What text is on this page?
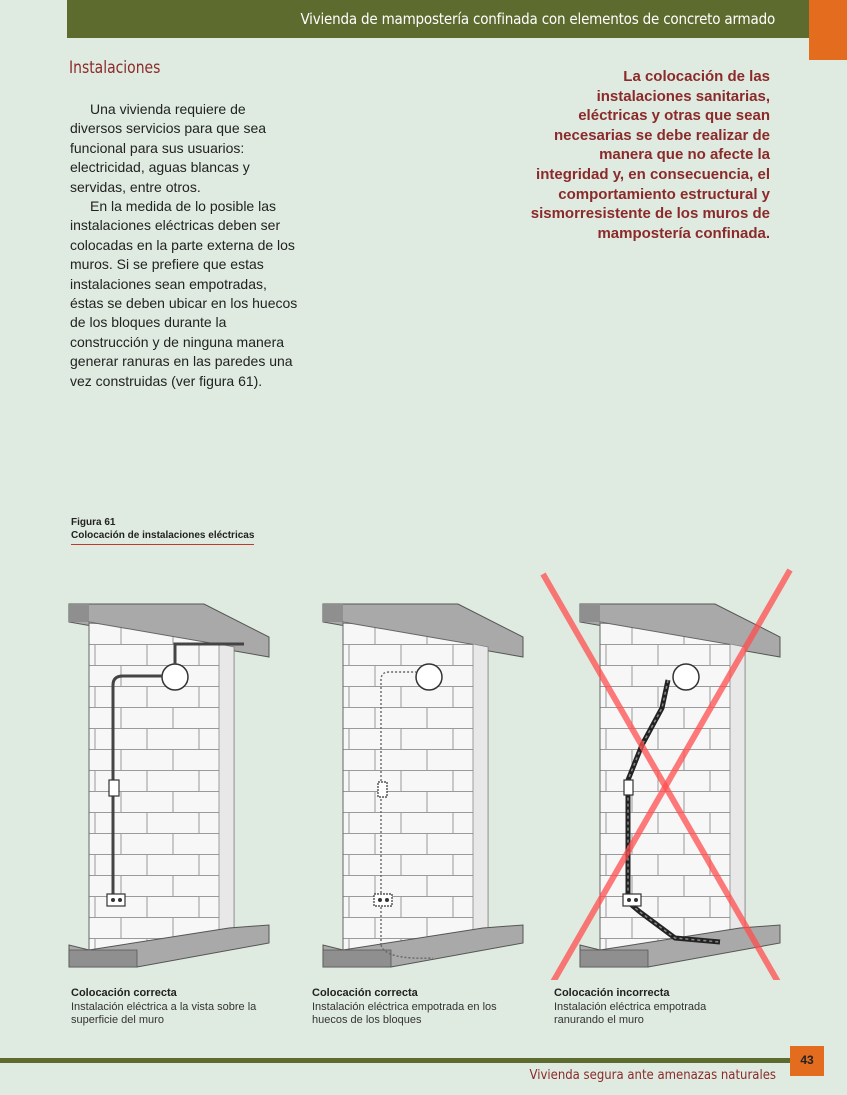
Vivienda de mampostería confinada con elementos de concreto armado
Instalaciones

Una vivienda requiere de diversos servicios para que sea funcional para sus usuarios: electricidad, aguas blancas y servidas, entre otros.

En la medida de lo posible las instalaciones eléctricas deben ser colocadas en la parte externa de los muros. Si se prefiere que estas instalaciones sean empotradas, éstas se deben ubicar en los huecos de los bloques durante la construcción y de ninguna manera generar ranuras en las paredes una vez construidas (ver figura 61).

La colocación de las instalaciones sanitarias, eléctricas y otras que sean necesarias se debe realizar de manera que no afecte la integridad y, en consecuencia, el comportamiento estructural y sismorresistente de los muros de mampostería confinada.
Figura 61
Colocación de instalaciones eléctricas
Colocación correcta
Instalación eléctrica a la vista sobre la superficie del muro
Colocación correcta
Instalación eléctrica empotrada en los huecos de los bloques
Colocación incorrecta
Instalación eléctrica empotrada ranurando el muro
43
Vivienda segura ante amenazas naturales
